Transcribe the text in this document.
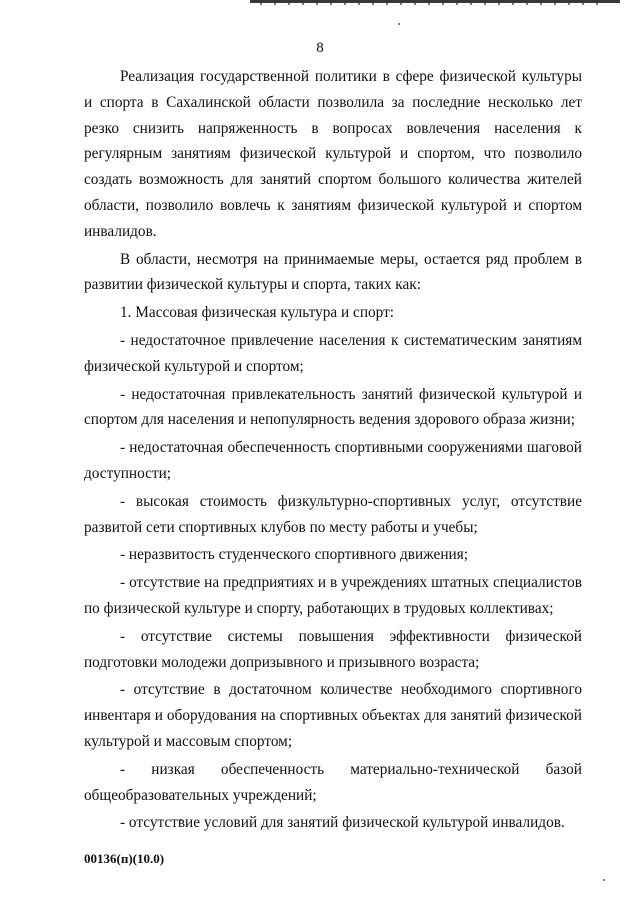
8

Реализация государственной политики в сфере физической культуры и спорта в Сахалинской области позволила за последние несколько лет резко снизить напряженность в вопросах вовлечения населения к регулярным занятиям физической культурой и спортом, что позволило создать возможность для занятий спортом большого количества жителей области, позволило вовлечь к занятиям физической культурой и спортом инвалидов.

В области, несмотря на принимаемые меры, остается ряд проблем в развитии физической культуры и спорта, таких как:

1. Массовая физическая культура и спорт:

- недостаточное привлечение населения к систематическим занятиям физической культурой и спортом;

- недостаточная привлекательность занятий физической культурой и спортом для населения и непопулярность ведения здорового образа жизни;

- недостаточная обеспеченность спортивными сооружениями шаговой доступности;

- высокая стоимость физкультурно-спортивных услуг, отсутствие развитой сети спортивных клубов по месту работы и учебы;

- неразвитость студенческого спортивного движения;

- отсутствие на предприятиях и в учреждениях штатных специалистов по физической культуре и спорту, работающих в трудовых коллективах;

- отсутствие системы повышения эффективности физической подготовки молодежи допризывного и призывного возраста;

- отсутствие в достаточном количестве необходимого спортивного инвентаря и оборудования на спортивных объектах для занятий физической культурой и массовым спортом;

- низкая обеспеченность материально-технической базой общеобразовательных учреждений;

- отсутствие условий для занятий физической культурой инвалидов.

00136(п)(10.0)
